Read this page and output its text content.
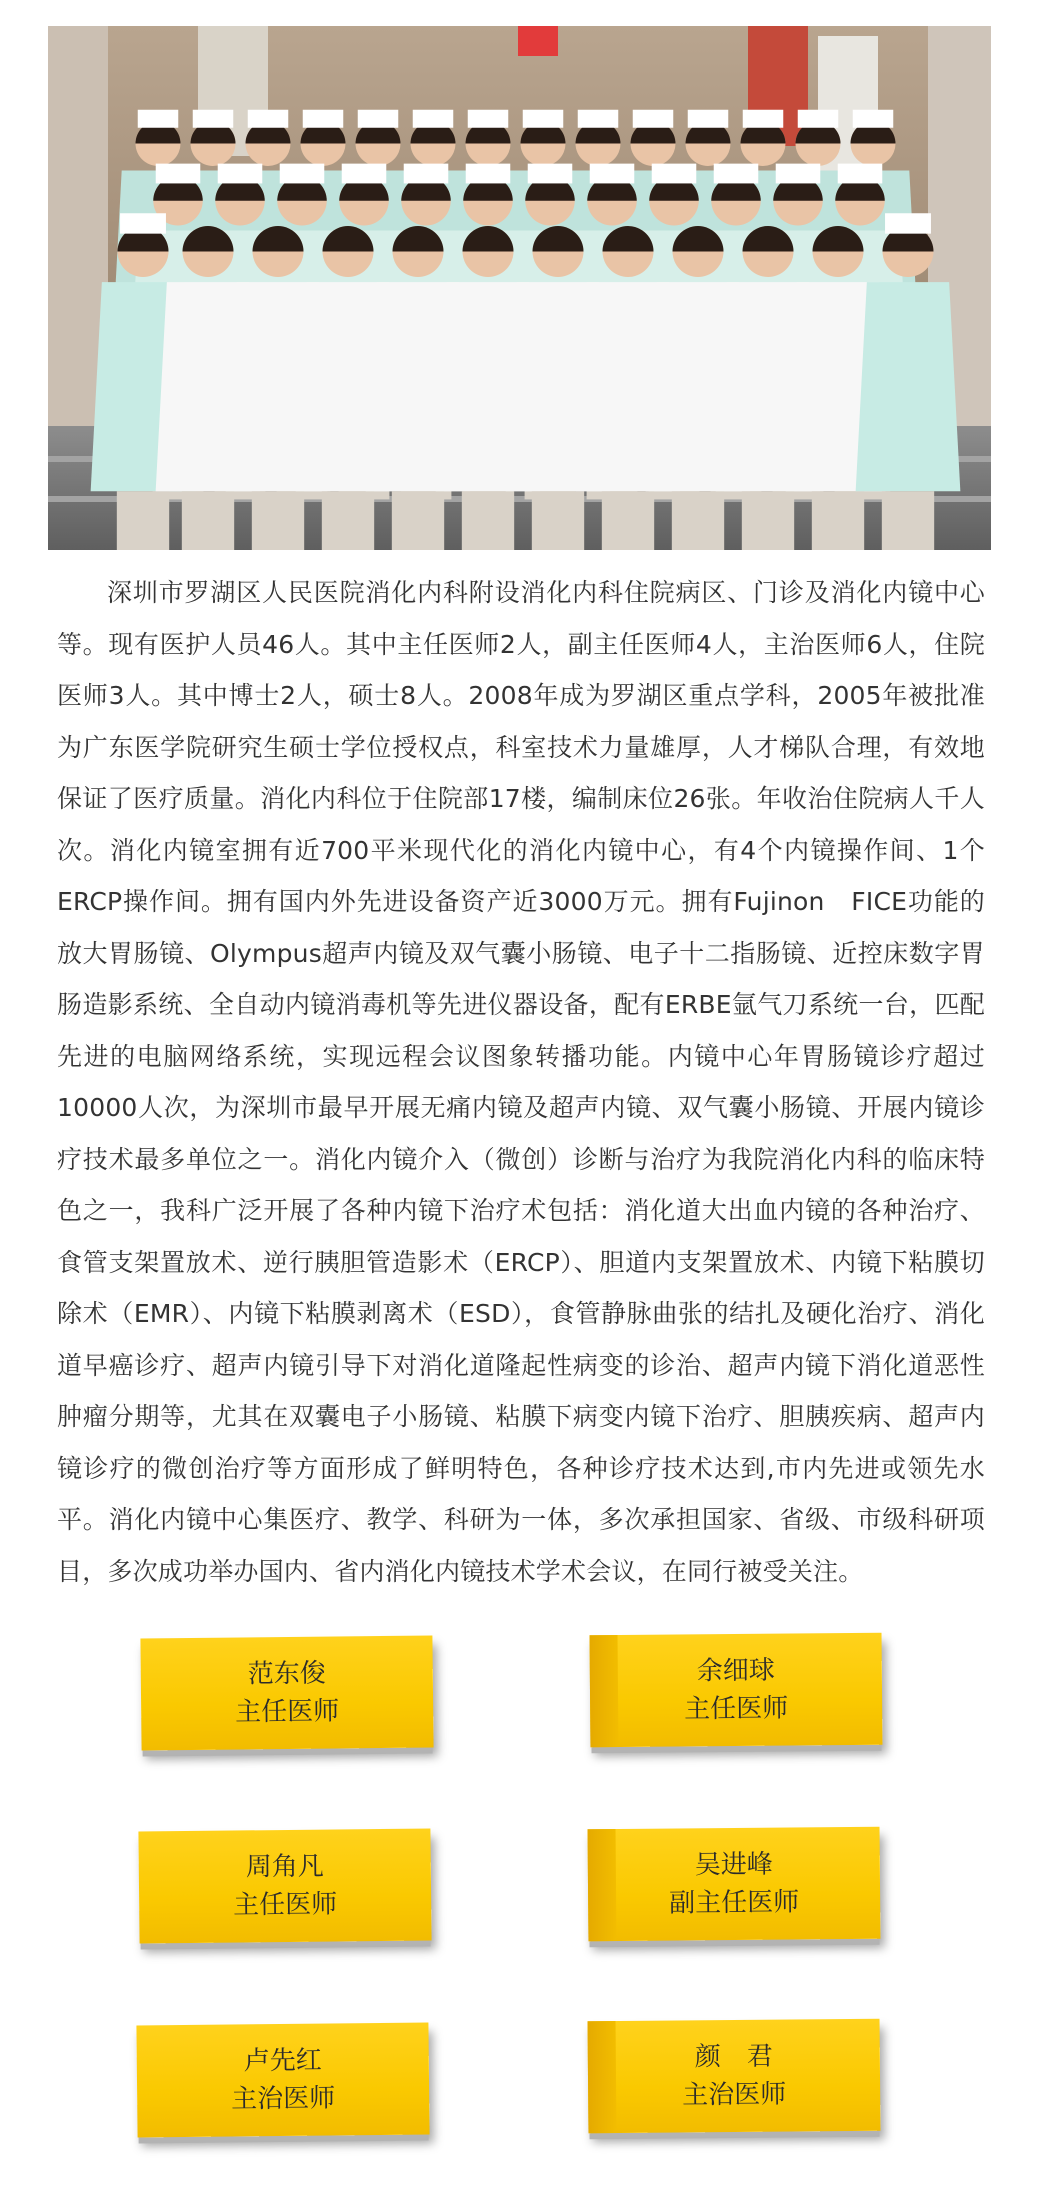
深圳市罗湖区人民医院消化内科附设消化内科住院病区、门诊及消化内镜中心等。现有医护人员46人。其中主任医师2人，副主任医师4人，主治医师6人，住院医师3人。其中博士2人，硕士8人。2008年成为罗湖区重点学科，2005年被批准为广东医学院研究生硕士学位授权点，科室技术力量雄厚，人才梯队合理，有效地保证了医疗质量。消化内科位于住院部17楼，编制床位26张。年收治住院病人千人次。消化内镜室拥有近700平米现代化的消化内镜中心，有4个内镜操作间、1个ERCP操作间。拥有国内外先进设备资产近3000万元。拥有Fujinon　FICE功能的放大胃肠镜、Olympus超声内镜及双气囊小肠镜、电子十二指肠镜、近控床数字胃肠造影系统、全自动内镜消毒机等先进仪器设备，配有ERBE氩气刀系统一台，匹配先进的电脑网络系统，实现远程会议图象转播功能。内镜中心年胃肠镜诊疗超过10000人次，为深圳市最早开展无痛内镜及超声内镜、双气囊小肠镜、开展内镜诊疗技术最多单位之一。消化内镜介入（微创）诊断与治疗为我院消化内科的临床特色之一，我科广泛开展了各种内镜下治疗术包括：消化道大出血内镜的各种治疗、食管支架置放术、逆行胰胆管造影术（ERCP）、胆道内支架置放术、内镜下粘膜切除术（EMR）、内镜下粘膜剥离术（ESD），食管静脉曲张的结扎及硬化治疗、消化道早癌诊疗、超声内镜引导下对消化道隆起性病变的诊治、超声内镜下消化道恶性肿瘤分期等，尤其在双囊电子小肠镜、粘膜下病变内镜下治疗、胆胰疾病、超声内镜诊疗的微创治疗等方面形成了鲜明特色，各种诊疗技术达到,市内先进或领先水平。消化内镜中心集医疗、教学、科研为一体，多次承担国家、省级、市级科研项目，多次成功举办国内、省内消化内镜技术学术会议，在同行被受关注。

范东俊
主任医师
余细球
主任医师
周角凡
主任医师
吴进峰
副主任医师
卢先红
主治医师
颜　君
主治医师
